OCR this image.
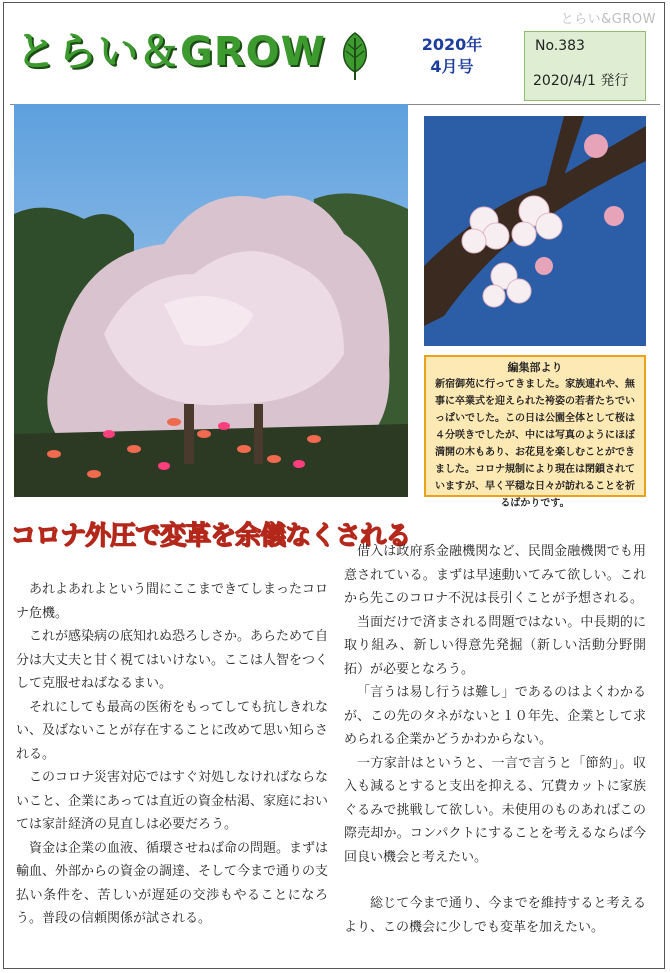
とらい&GROW
とらい＆GROW	2020年
4月号
No.383
2020/4/1 発行
編集部より
新宿御苑に行ってきました。家族連れや、無事に卒業式を迎えられた袴姿の若者たちでいっぱいでした。この日は公園全体として桜は４分咲きでしたが、中には写真のようにほぼ満開の木もあり、お花見を楽しむことができました。コロナ規制により現在は閉鎖されていますが、早く平穏な日々が訪れることを祈るばかりです。
コロナ外圧で変革を余儀なくされる

あれよあれよという間にここまできてしまったコロナ危機。

これが感染病の底知れぬ恐ろしさか。あらためて自分は大丈夫と甘く視てはいけない。ここは人智をつくして克服せねばなるまい。

それにしても最高の医術をもってしても抗しきれない、及ばないことが存在することに改めて思い知らされる。

このコロナ災害対応ではすぐ対処しなければならないこと、企業にあっては直近の資金枯渇、家庭においては家計経済の見直しは必要だろう。

資金は企業の血液、循環させねば命の問題。まずは輸血、外部からの資金の調達、そして今まで通りの支払い条件を、苦しいが遅延の交渉もやることになろう。普段の信頼関係が試される。

借入は政府系金融機関など、民間金融機関でも用意されている。まずは早速動いてみて欲しい。これから先このコロナ不況は長引くことが予想される。

当面だけで済まされる問題ではない。中長期的に取り組み、新しい得意先発掘（新しい活動分野開拓）が必要となろう。

「言うは易し行うは難し」であるのはよくわかるが、この先のタネがないと１０年先、企業として求められる企業かどうかわからない。

一方家計はというと、一言で言うと「節約」。収入も減るとすると支出を抑える、冗費カットに家族ぐるみで挑戦して欲しい。未使用のものあればこの際売却か。コンパクトにすることを考えるならば今回良い機会と考えたい。

総じて今まで通り、今までを維持すると考えるより、この機会に少しでも変革を加えたい。
